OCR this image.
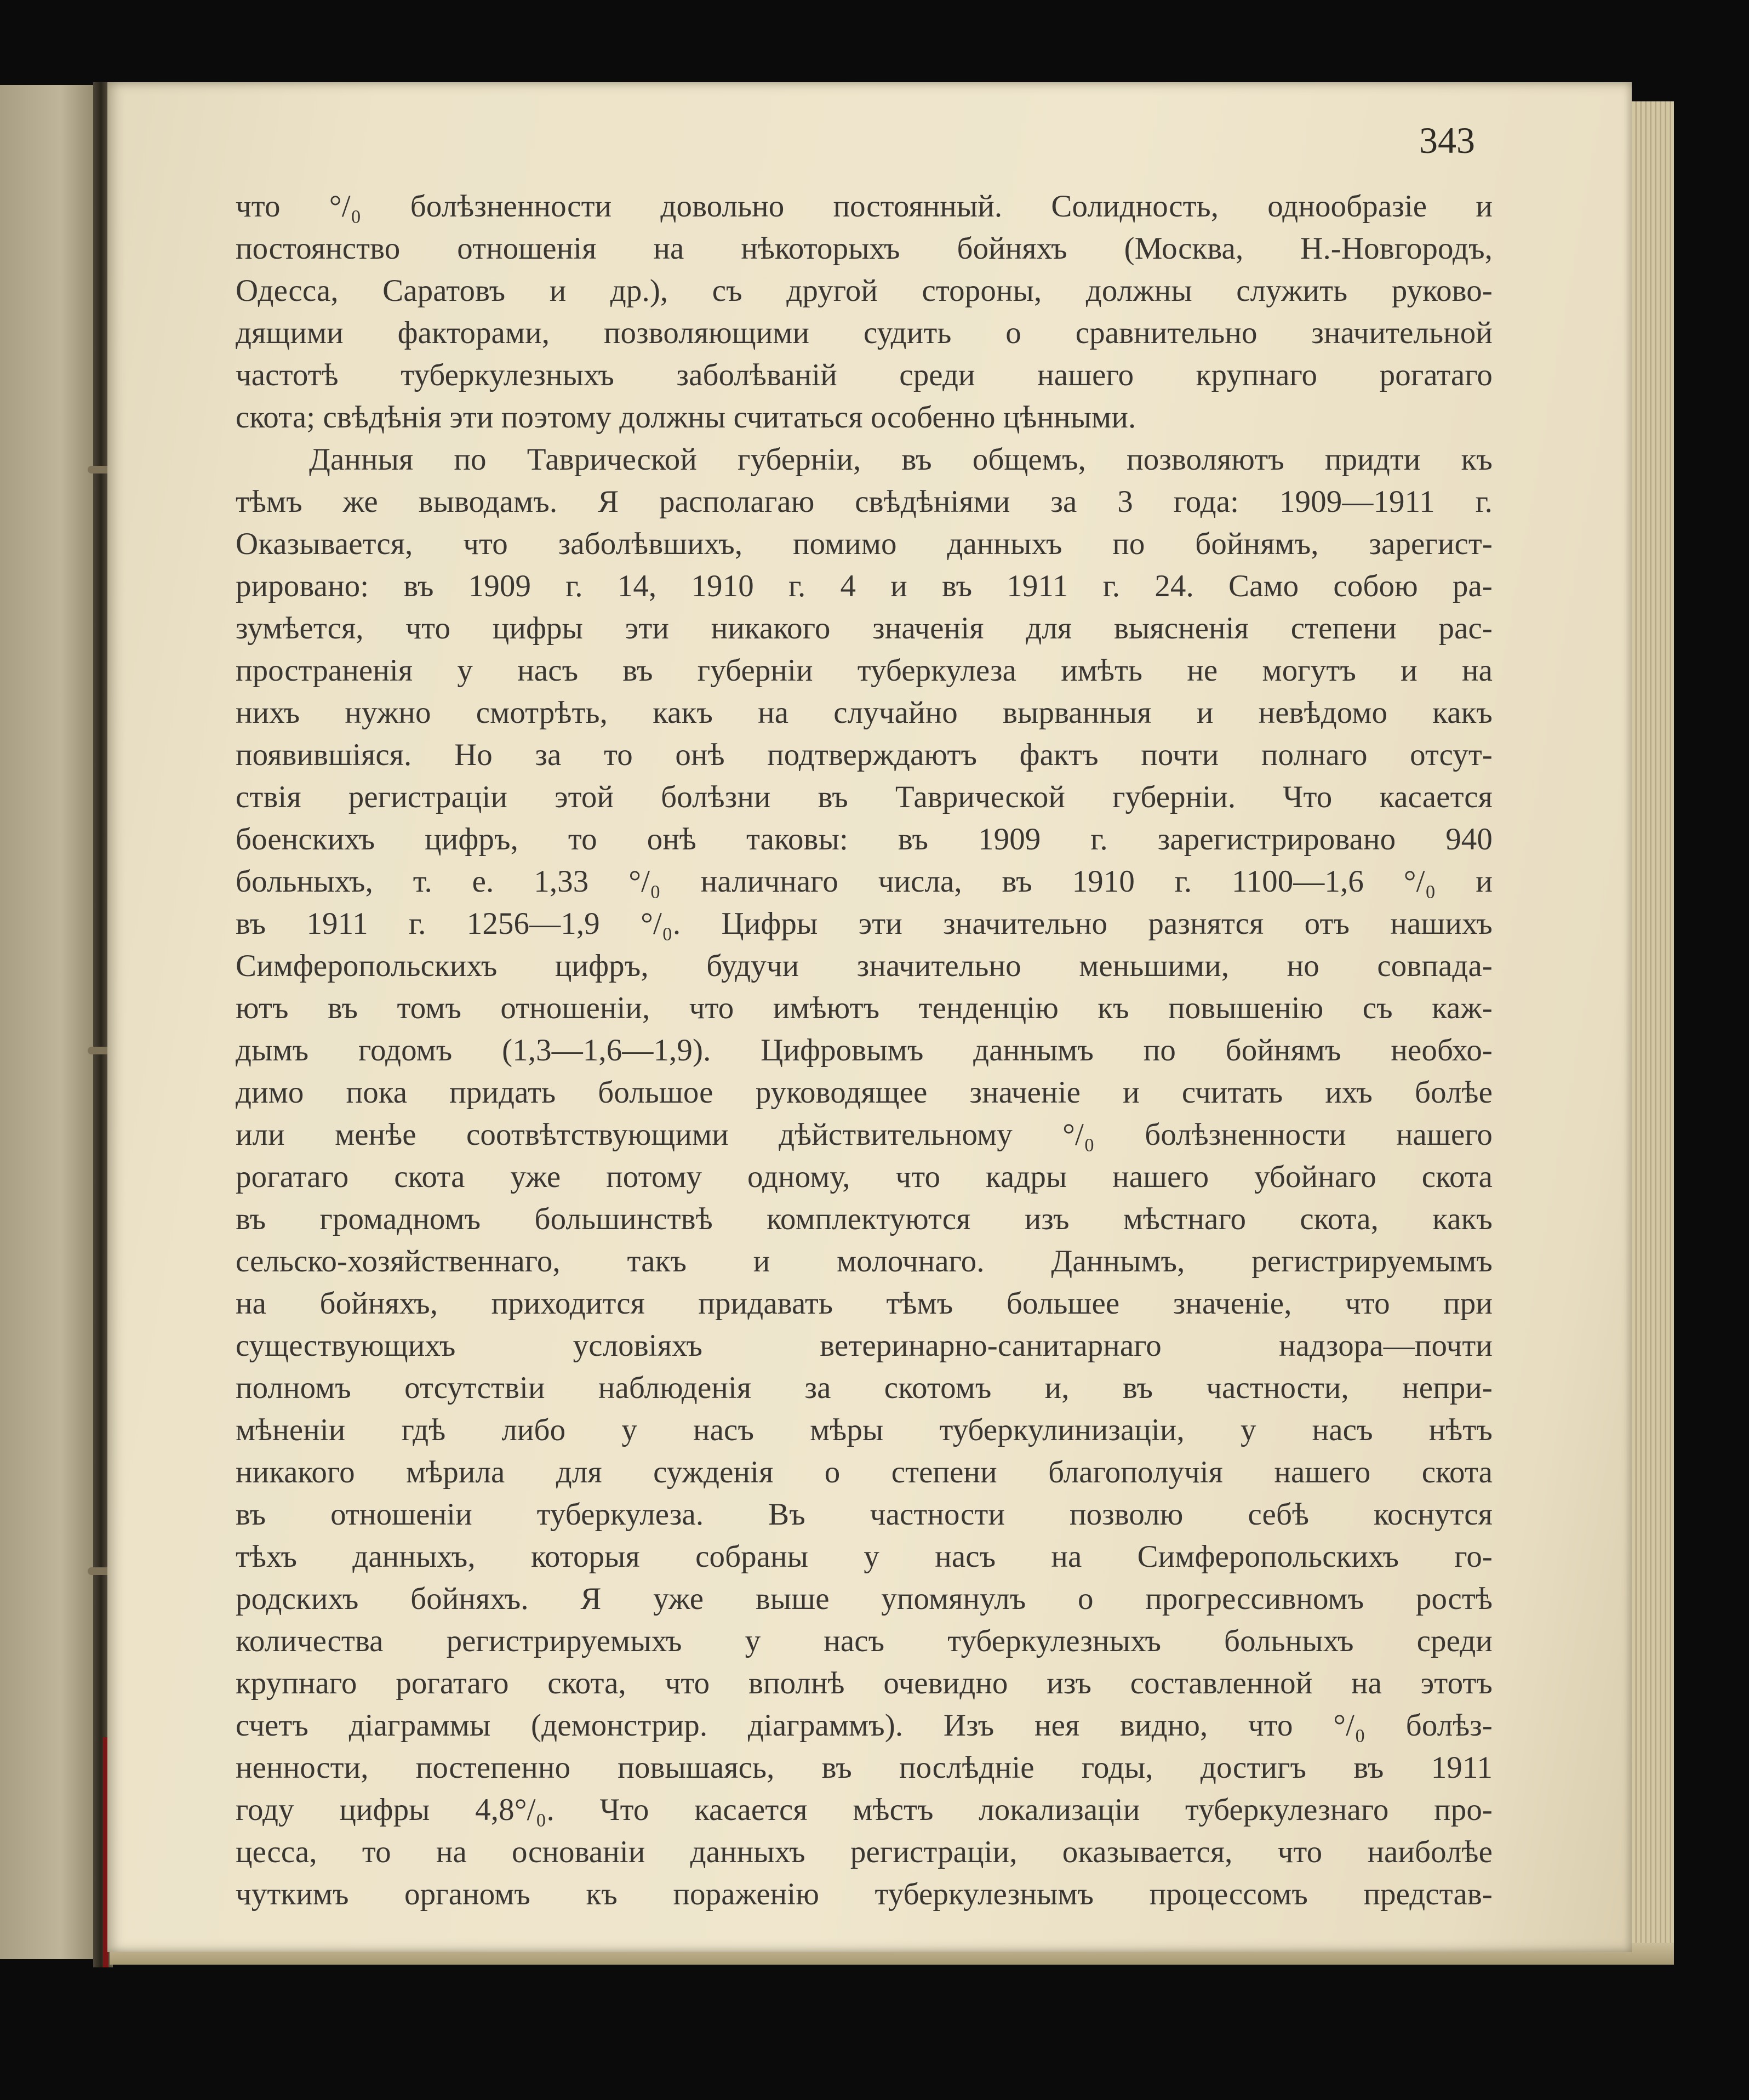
343
что °/₀ болѣзненности довольно постоянный. Солидность, однообразіе и
постоянство отношенія на нѣкоторыхъ бойняхъ (Москва, Н.-Новгородъ,
Одесса, Саратовъ и др.), съ другой стороны, должны служить руково-
дящими факторами, позволяющими судить о сравнительно значительной
частотѣ туберкулезныхъ заболѣваній среди нашего крупнаго рогатаго
скота; свѣдѣнія эти поэтому должны считаться особенно цѣнными.
Данныя по Таврической губерніи, въ общемъ, позволяютъ придти къ
тѣмъ же выводамъ. Я располагаю свѣдѣніями за 3 года: 1909—1911 г.
Оказывается, что заболѣвшихъ, помимо данныхъ по бойнямъ, зарегист-
рировано: въ 1909 г. 14, 1910 г. 4 и въ 1911 г. 24. Само собою ра-
зумѣется, что цифры эти никакого значенія для выясненія степени рас-
пространенія у насъ въ губерніи туберкулеза имѣть не могутъ и на
нихъ нужно смотрѣть, какъ на случайно вырванныя и невѣдомо какъ
появившіяся. Но за то онѣ подтверждаютъ фактъ почти полнаго отсут-
ствія регистраціи этой болѣзни въ Таврической губерніи. Что касается
боенскихъ цифръ, то онѣ таковы: въ 1909 г. зарегистрировано 940
больныхъ, т. е. 1,33 °/₀ наличнаго числа, въ 1910 г. 1100—1,6 °/₀ и
въ 1911 г. 1256—1,9 °/₀. Цифры эти значительно разнятся отъ нашихъ
Симферопольскихъ цифръ, будучи значительно меньшими, но совпада-
ютъ въ томъ отношеніи, что имѣютъ тенденцію къ повышенію съ каж-
дымъ годомъ (1,3—1,6—1,9). Цифровымъ даннымъ по бойнямъ необхо-
димо пока придать большое руководящее значеніе и считать ихъ болѣе
или менѣе соотвѣтствующими дѣйствительному °/₀ болѣзненности нашего
рогатаго скота уже потому одному, что кадры нашего убойнаго скота
въ громадномъ большинствѣ комплектуются изъ мѣстнаго скота, какъ
сельско-хозяйственнаго, такъ и молочнаго. Даннымъ, регистрируемымъ
на бойняхъ, приходится придавать тѣмъ большее значеніе, что при
существующихъ условіяхъ ветеринарно-санитарнаго надзора—почти
полномъ отсутствіи наблюденія за скотомъ и, въ частности, непри-
мѣненіи гдѣ либо у насъ мѣры туберкулинизаціи, у насъ нѣтъ
никакого мѣрила для сужденія о степени благополучія нашего скота
въ отношеніи туберкулеза. Въ частности позволю себѣ коснутся
тѣхъ данныхъ, которыя собраны у насъ на Симферопольскихъ го-
родскихъ бойняхъ. Я уже выше упомянулъ о прогрессивномъ ростѣ
количества регистрируемыхъ у насъ туберкулезныхъ больныхъ среди
крупнаго рогатаго скота, что вполнѣ очевидно изъ составленной на этотъ
счетъ діаграммы (демонстрир. діаграммъ). Изъ нея видно, что °/₀ болѣз-
ненности, постепенно повышаясь, въ послѣдніе годы, достигъ въ 1911
году цифры 4,8°/₀. Что касается мѣстъ локализаціи туберкулезнаго про-
цесса, то на основаніи данныхъ регистраціи, оказывается, что наиболѣе
чуткимъ органомъ къ пораженію туберкулезнымъ процессомъ представ-
